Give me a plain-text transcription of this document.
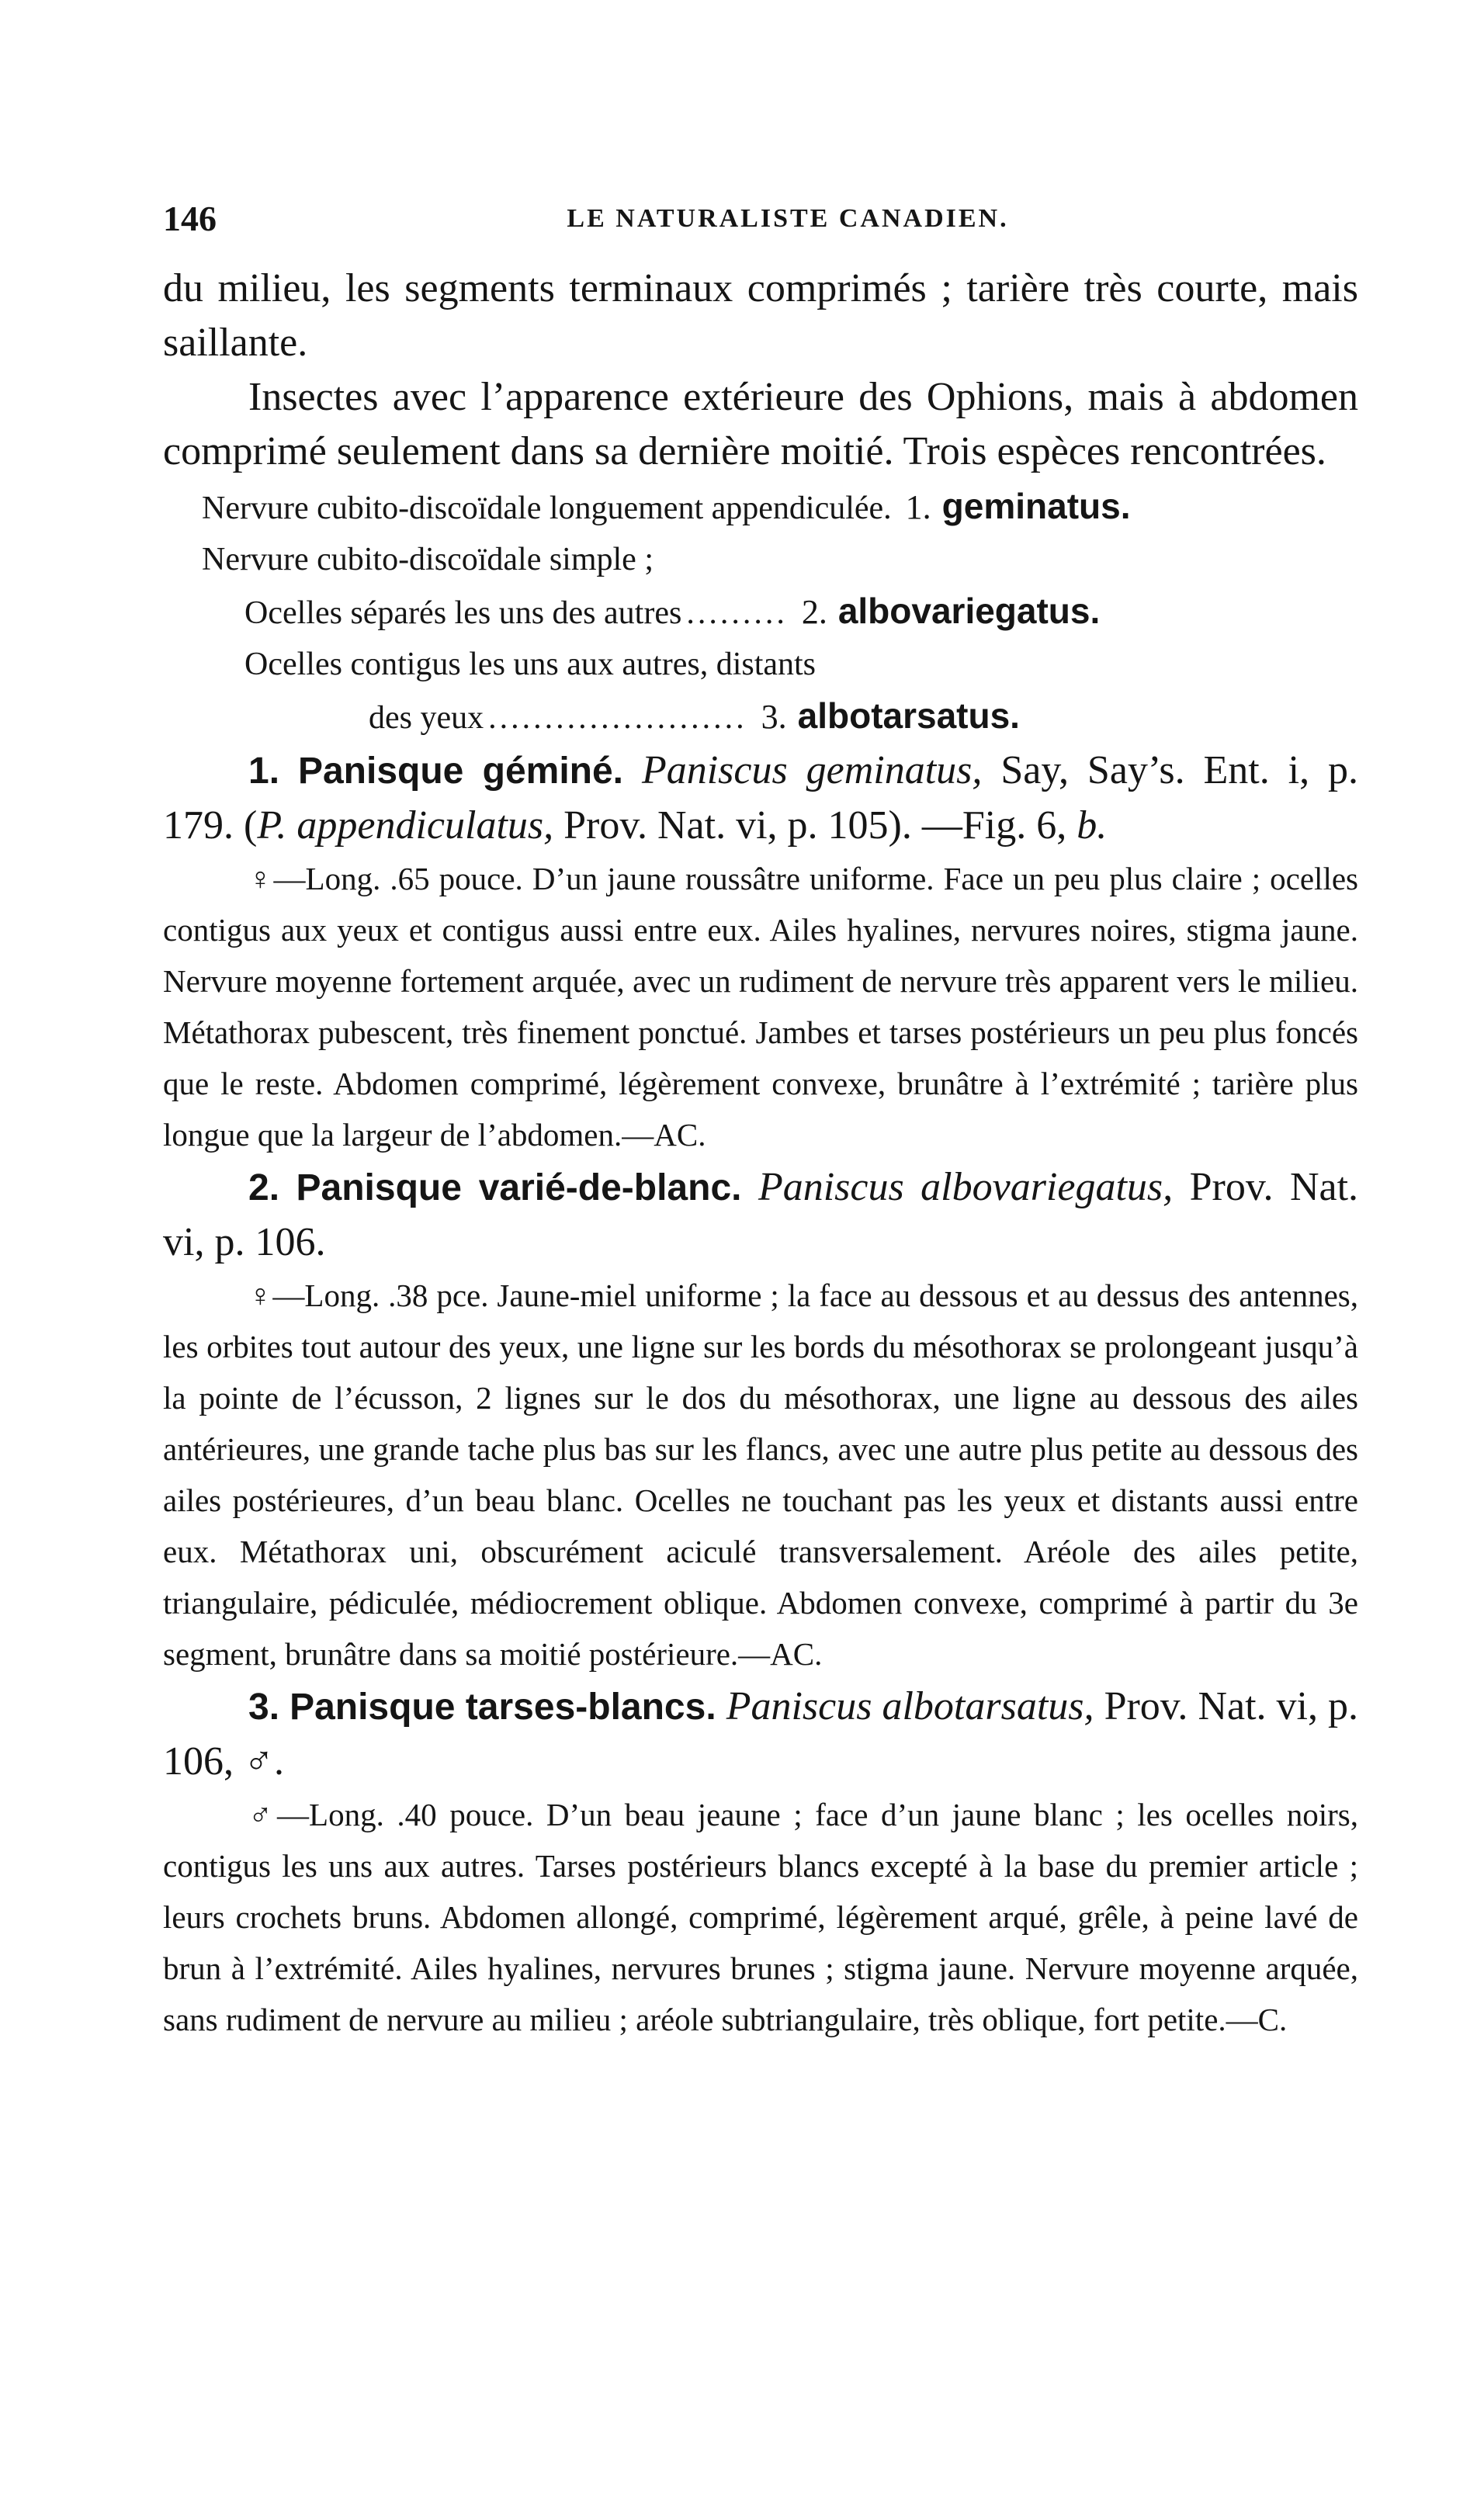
146	LE NATURALISTE CANADIEN.

du milieu, les segments terminaux comprimés ; tarière très courte, mais saillante.

Insectes avec l’apparence extérieure des Ophions, mais à abdomen comprimé seulement dans sa dernière moitié. Trois espèces rencontrées.

Nervure cubito-discoïdale longuement appendiculée. 1. geminatus.
Nervure cubito-discoïdale simple ;
Ocelles séparés les uns des autres ......... 2. albovariegatus.
Ocelles contigus les uns aux autres, distants
des yeux ....................... 3. albotarsatus.

1. Panisque géminé. Paniscus geminatus, Say, Say’s. Ent. i, p. 179. (P. appendiculatus, Prov. Nat. vi, p. 105). —Fig. 6, b.

♀—Long. .65 pouce. D’un jaune roussâtre uniforme. Face un peu plus claire ; ocelles contigus aux yeux et contigus aussi entre eux. Ailes hyalines, nervures noires, stigma jaune. Nervure moyenne fortement arquée, avec un rudiment de nervure très apparent vers le milieu. Métathorax pubescent, très finement ponctué. Jambes et tarses postérieurs un peu plus foncés que le reste. Abdomen comprimé, légèrement convexe, brunâtre à l’extrémité ; tarière plus longue que la largeur de l’abdomen.—AC.

2. Panisque varié-de-blanc. Paniscus albovariegatus, Prov. Nat. vi, p. 106.

♀—Long. .38 pce. Jaune-miel uniforme ; la face au dessous et au dessus des antennes, les orbites tout autour des yeux, une ligne sur les bords du mésothorax se prolongeant jusqu’à la pointe de l’écusson, 2 lignes sur le dos du mésothorax, une ligne au dessous des ailes antérieures, une grande tache plus bas sur les flancs, avec une autre plus petite au dessous des ailes postérieures, d’un beau blanc. Ocelles ne touchant pas les yeux et distants aussi entre eux. Métathorax uni, obscurément aciculé transversalement. Aréole des ailes petite, triangulaire, pédiculée, médiocrement oblique. Abdomen convexe, comprimé à partir du 3e segment, brunâtre dans sa moitié postérieure.—AC.

3. Panisque tarses-blancs. Paniscus albotarsatus, Prov. Nat. vi, p. 106, ♂.

♂—Long. .40 pouce. D’un beau jeaune ; face d’un jaune blanc ; les ocelles noirs, contigus les uns aux autres. Tarses postérieurs blancs excepté à la base du premier article ; leurs crochets bruns. Abdomen allongé, comprimé, légèrement arqué, grêle, à peine lavé de brun à l’extrémité. Ailes hyalines, nervures brunes ; stigma jaune. Nervure moyenne arquée, sans rudiment de nervure au milieu ; aréole subtriangulaire, très oblique, fort petite.—C.
